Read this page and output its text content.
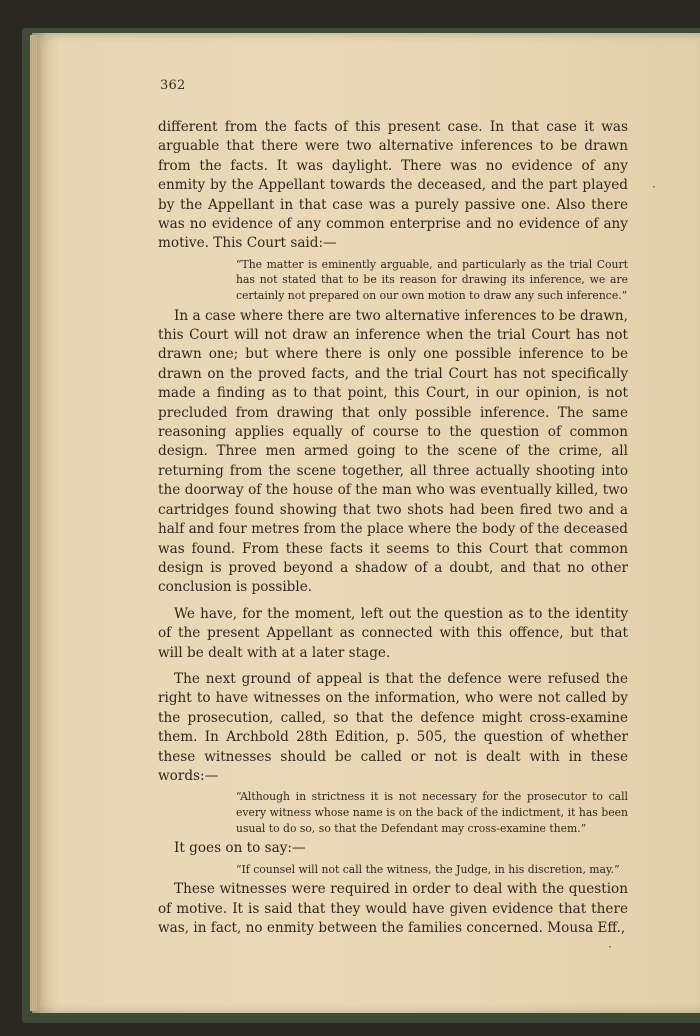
362

different from the facts of this present case. In that case it was arguable that there were two alternative inferences to be drawn from the facts. It was daylight. There was no evidence of any enmity by the Appellant towards the deceased, and the part played by the Appellant in that case was a purely passive one. Also there was no evidence of any common enterprise and no evidence of any motive. This Court said:—

“The matter is eminently arguable, and particularly as the trial Court has not stated that to be its reason for drawing its inference, we are certainly not prepared on our own motion to draw any such inference.”

In a case where there are two alternative inferences to be drawn, this Court will not draw an inference when the trial Court has not drawn one; but where there is only one possible inference to be drawn on the proved facts, and the trial Court has not specifically made a finding as to that point, this Court, in our opinion, is not precluded from drawing that only possible inference. The same reasoning applies equally of course to the question of common design. Three men armed going to the scene of the crime, all returning from the scene together, all three actually shooting into the doorway of the house of the man who was eventually killed, two cartridges found showing that two shots had been fired two and a half and four metres from the place where the body of the deceased was found. From these facts it seems to this Court that common design is proved beyond a shadow of a doubt, and that no other conclusion is possible.

We have, for the moment, left out the question as to the identity of the present Appellant as connected with this offence, but that will be dealt with at a later stage.

The next ground of appeal is that the defence were refused the right to have witnesses on the information, who were not called by the prosecution, called, so that the defence might cross-examine them. In Archbold 28th Edition, p. 505, the question of whether these witnesses should be called or not is dealt with in these words:—

“Although in strictness it is not necessary for the prosecutor to call every witness whose name is on the back of the indictment, it has been usual to do so, so that the Defendant may cross-examine them.”

It goes on to say:—

“If counsel will not call the witness, the Judge, in his discretion, may.”

These witnesses were required in order to deal with the question of motive. It is said that they would have given evidence that there was, in fact, no enmity between the families concerned. Mousa Eff.,

·
·
